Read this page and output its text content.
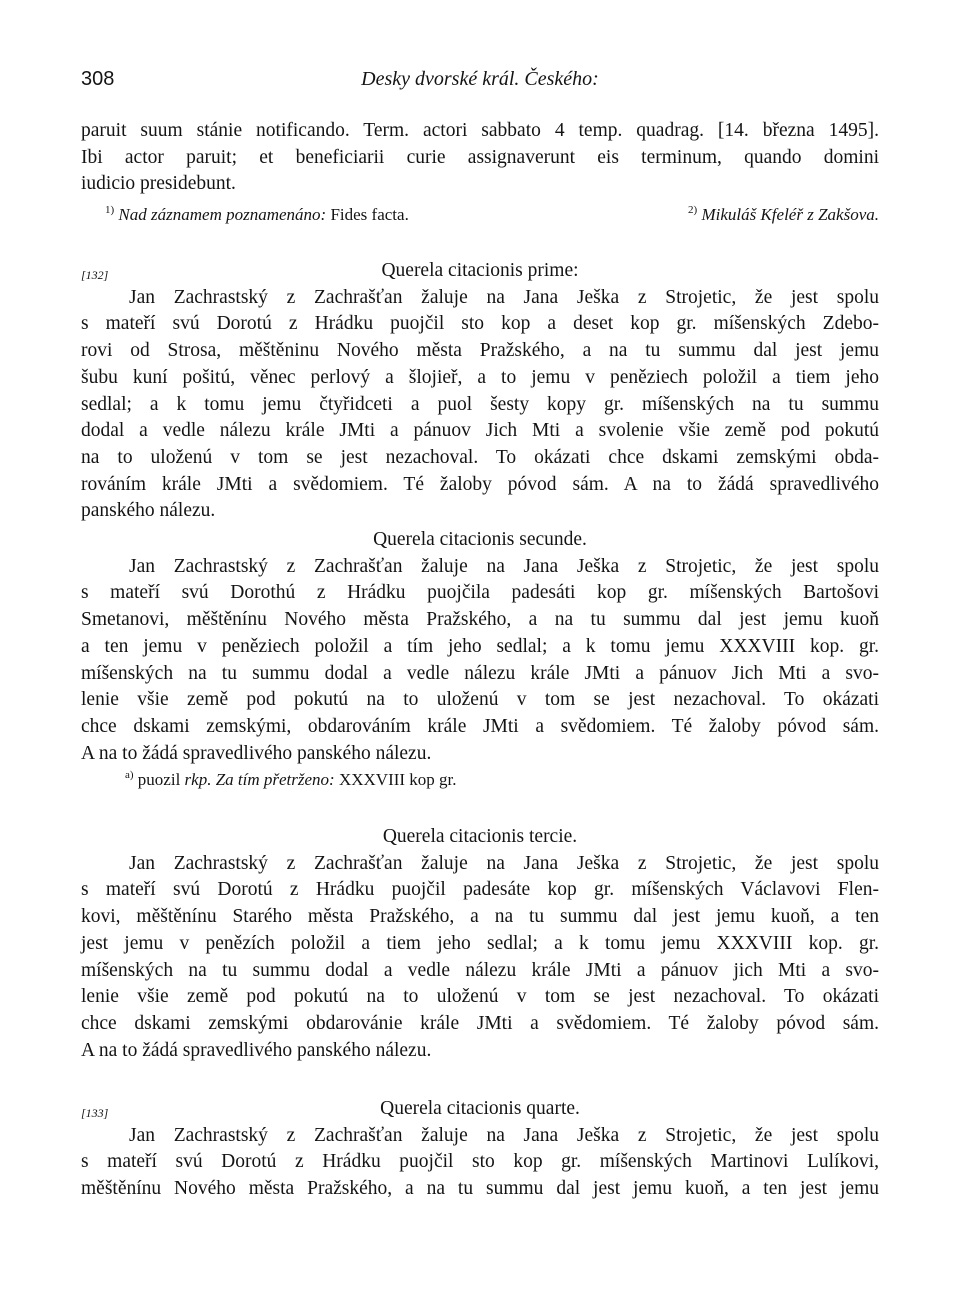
308	Desky dvorské král. Českého:
paruit suum stánie notificando. Term. actori sabbato 4 temp. quadrag. [14. března 1495].
Ibi actor paruit; et beneficiarii curie assignaverunt eis terminum, quando domini
iudicio presidebunt.
$^{1)}$ Nad záznamem poznamenáno: Fides facta.	$^{2)}$ Mikuláš Kfeléř z Zakšova.
[132]	Querela citacionis prime:

Jan Zachrastský z Zachrašťan žaluje na Jana Ješka z Strojetic, že jest spolu
s mateří svú Dorotú z Hrádku puojčil sto kop a deset kop gr. míšenských Zdebo-
rovi od Strosa, měštěninu Nového města Pražského, a na tu summu dal jest jemu
šubu kuní pošitú, věnec perlový a šlojieř, a to jemu v peněziech položil a tiem jeho
sedlal; a k tomu jemu čtyřidceti a puol šesty kopy gr. míšenských na tu summu
dodal a vedle nálezu krále JMti a pánuov Jich Mti a svolenie všie země pod pokutú
na to uloženú v tom se jest nezachoval. To okázati chce dskami zemskými obda-
rováním krále JMti a svědomiem. Té žaloby póvod sám. A na to žádá spravedlivého
panského nálezu.

Querela citacionis secunde.

Jan Zachrastský z Zachrašťan žaluje na Jana Ješka z Strojetic, že jest spolu
s mateří svú Dorothú z Hrádku puojčila padesáti kop gr. míšenských Bartošovi
Smetanovi, měštěnínu Nového města Pražského, a na tu summu dal jest jemu kuoň
a ten jemu v peněziech položil a tím jeho sedlal; a k tomu jemu XXXVIII kop. gr.
míšenských na tu summu dodal a vedle nálezu krále JMti a pánuov Jich Mti a svo-
lenie všie země pod pokutú na to uloženú v tom se jest nezachoval. To okázati
chce dskami zemskými, obdarováním krále JMti a svědomiem. Té žaloby póvod sám.
A na to žádá spravedlivého panského nálezu.
$^{a)}$ puozil rkp. Za tím přetrženo: XXXVIII kop gr.

Querela citacionis tercie.

Jan Zachrastský z Zachrašťan žaluje na Jana Ješka z Strojetic, že jest spolu
s mateří svú Dorotú z Hrádku puojčil padesáte kop gr. míšenských Václavovi Flen-
kovi, měštěnínu Starého města Pražského, a na tu summu dal jest jemu kuoň, a ten
jest jemu v penězích položil a tiem jeho sedlal; a k tomu jemu XXXVIII kop. gr.
míšenských na tu summu dodal a vedle nálezu krále JMti a pánuov jich Mti a svo-
lenie všie země pod pokutú na to uloženú v tom se jest nezachoval. To okázati
chce dskami zemskými obdarovánie krále JMti a svědomiem. Té žaloby póvod sám.
A na to žádá spravedlivého panského nálezu.
[133]	Querela citacionis quarte.

Jan Zachrastský z Zachrašťan žaluje na Jana Ješka z Strojetic, že jest spolu
s mateří svú Dorotú z Hrádku puojčil sto kop gr. míšenských Martinovi Lulíkovi,
měštěnínu Nového města Pražského, a na tu summu dal jest jemu kuoň, a ten jest jemu
